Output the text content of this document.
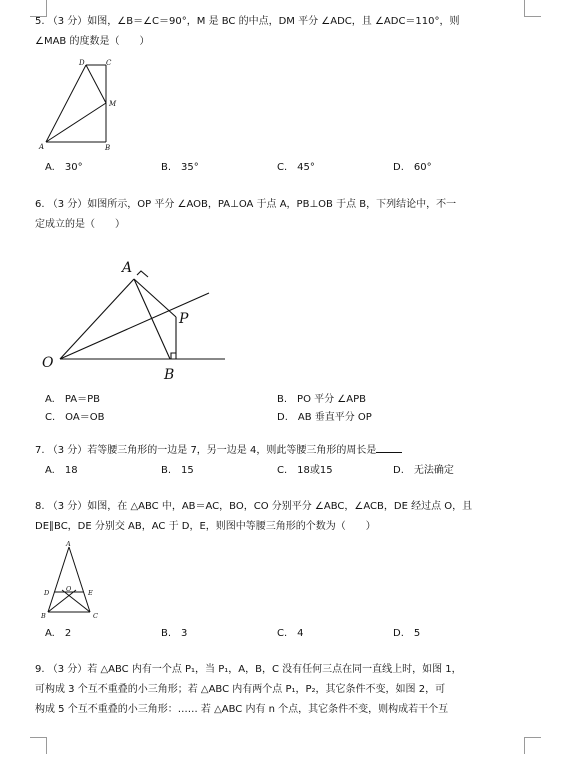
5. （3 分）如图，∠B＝∠C＝90°，M 是 BC 的中点，DM 平分 ∠ADC，且 ∠ADC＝110°，则

∠MAB 的度数是（　　）

D	C
M
A	B
A.　30°	B.　35°	C.　45°	D.　60°

6. （3 分）如图所示，OP 平分 ∠AOB，PA⊥OA 于点 A，PB⊥OB 于点 B，下列结论中，不一

定成立的是（　　）

A
P
O
B
A.　PA＝PB	B.　PO 平分 ∠APB
C.　OA＝OB	D.　AB 垂直平分 OP

7. （3 分）若等腰三角形的一边是 7，另一边是 4，则此等腰三角形的周长是

A.　18	B.　15	C.　18或15	D.　无法确定

8. （3 分）如图，在 △ABC 中，AB＝AC，BO，CO 分别平分 ∠ABC，∠ACB，DE 经过点 O，且

DE∥BC，DE 分别交 AB，AC 于 D，E，则图中等腰三角形的个数为（　　）

A
D	O	E
B	C
A.　2	B.　3	C.　4	D.　5

9. （3 分）若 △ABC 内有一个点 P₁，当 P₁，A，B，C 没有任何三点在同一直线上时，如图 1，

可构成 3 个互不重叠的小三角形；若 △ABC 内有两个点 P₁，P₂，其它条件不变，如图 2，可

构成 5 个互不重叠的小三角形：…… 若 △ABC 内有 n 个点，其它条件不变，则构成若干个互
